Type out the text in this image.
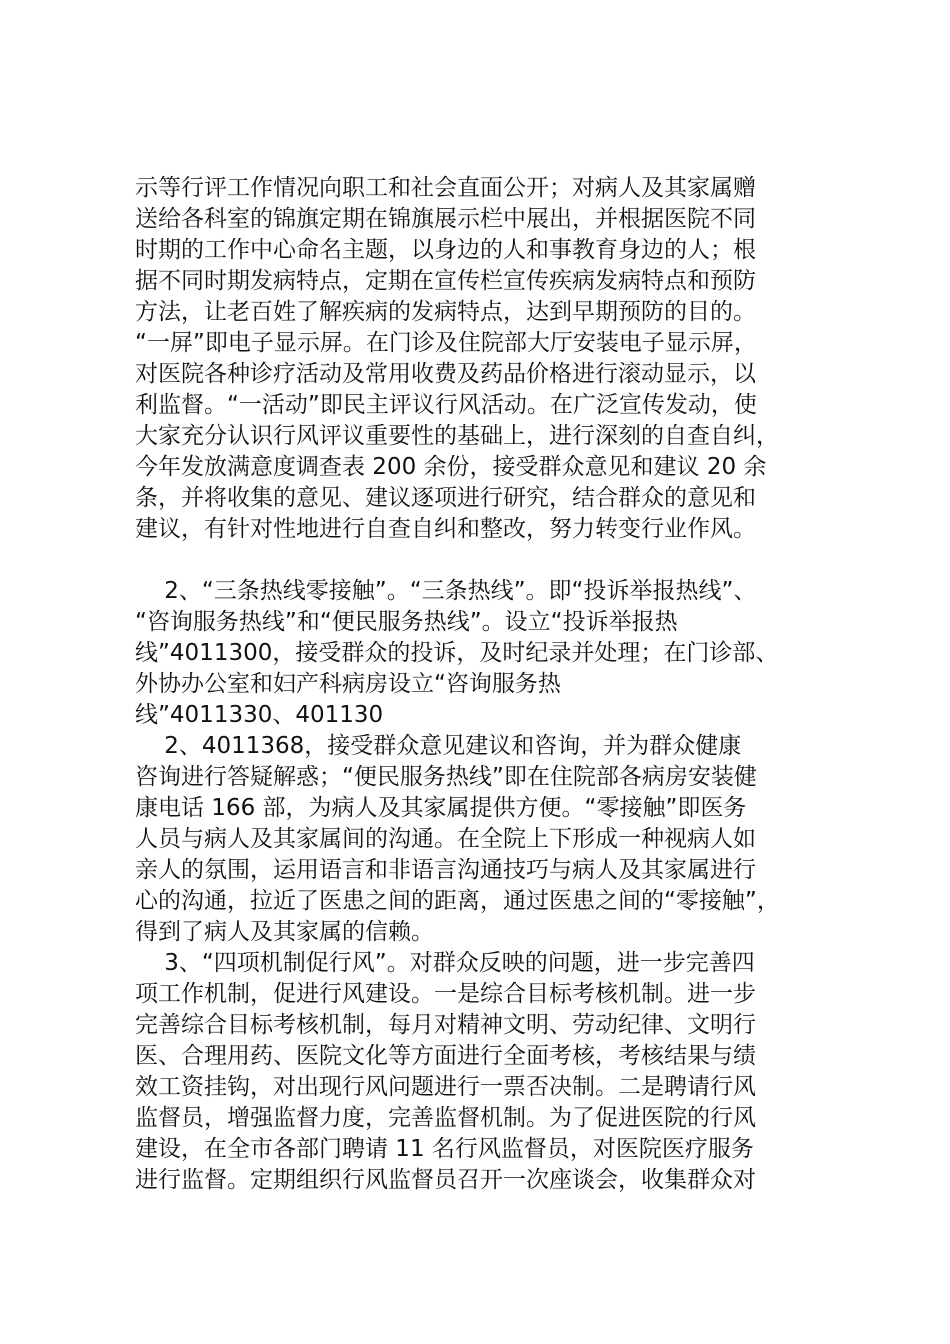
示等行评工作情况向职工和社会直面公开；对病人及其家属赠
送给各科室的锦旗定期在锦旗展示栏中展出，并根据医院不同
时期的工作中心命名主题，以身边的人和事教育身边的人；根
据不同时期发病特点，定期在宣传栏宣传疾病发病特点和预防
方法，让老百姓了解疾病的发病特点，达到早期预防的目的。
“一屏”即电子显示屏。在门诊及住院部大厅安装电子显示屏，
对医院各种诊疗活动及常用收费及药品价格进行滚动显示，以
利监督。“一活动”即民主评议行风活动。在广泛宣传发动，使
大家充分认识行风评议重要性的基础上，进行深刻的自查自纠，
今年发放满意度调查表 200 余份，接受群众意见和建议 20 余
条，并将收集的意见、建议逐项进行研究，结合群众的意见和
建议，有针对性地进行自查自纠和整改，努力转变行业作风。
2、“三条热线零接触”。“三条热线”。即“投诉举报热线”、
“咨询服务热线”和“便民服务热线”。设立“投诉举报热
线”4011300，接受群众的投诉，及时纪录并处理；在门诊部、
外协办公室和妇产科病房设立“咨询服务热
线”4011330、401130
2、4011368，接受群众意见建议和咨询，并为群众健康
咨询进行答疑解惑；“便民服务热线”即在住院部各病房安装健
康电话 166 部，为病人及其家属提供方便。“零接触”即医务
人员与病人及其家属间的沟通。在全院上下形成一种视病人如
亲人的氛围，运用语言和非语言沟通技巧与病人及其家属进行
心的沟通，拉近了医患之间的距离，通过医患之间的“零接触”，
得到了病人及其家属的信赖。
3、“四项机制促行风”。对群众反映的问题，进一步完善四
项工作机制，促进行风建设。一是综合目标考核机制。进一步
完善综合目标考核机制，每月对精神文明、劳动纪律、文明行
医、合理用药、医院文化等方面进行全面考核，考核结果与绩
效工资挂钩，对出现行风问题进行一票否决制。二是聘请行风
监督员，增强监督力度，完善监督机制。为了促进医院的行风
建设，在全市各部门聘请 11 名行风监督员，对医院医疗服务
进行监督。定期组织行风监督员召开一次座谈会，收集群众对
